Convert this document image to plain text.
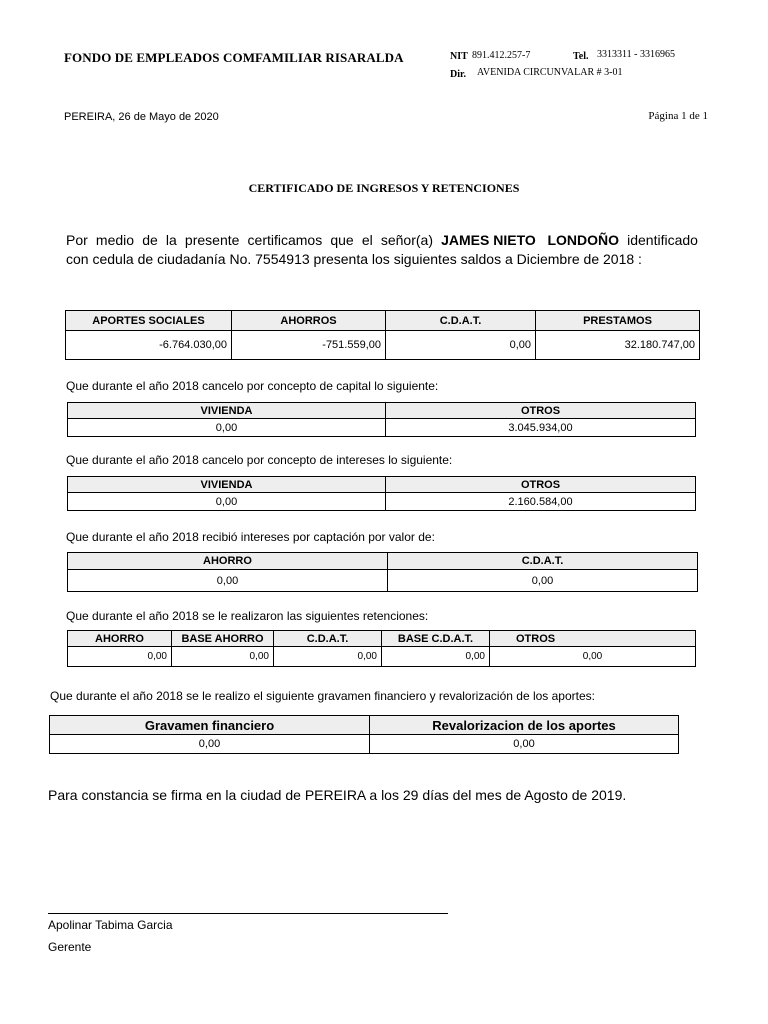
FONDO DE EMPLEADOS COMFAMILIAR RISARALDA	NIT 891.412.257-7	Tel. 3313311 - 3316965
Dir. AVENIDA CIRCUNVALAR # 3-01
PEREIRA, 26 de Mayo de 2020	Página 1 de 1
CERTIFICADO DE INGRESOS Y RETENCIONES
Por medio de la presente certificamos que el señor(a) JAMES NIETO   LONDOÑO identificado
con cedula de ciudadanía No. 7554913 presenta los siguientes saldos a Diciembre de 2018 :
APORTES SOCIALES	AHORROS	C.D.A.T.	PRESTAMOS
-6.764.030,00	-751.559,00	0,00	32.180.747,00
Que durante el año 2018 cancelo por concepto de capital lo siguiente:
VIVIENDA	OTROS
0,00	3.045.934,00
Que durante el año 2018 cancelo por concepto de intereses lo siguiente:
VIVIENDA	OTROS
0,00	2.160.584,00
Que durante el año 2018 recibió intereses por captación por valor de:
AHORRO	C.D.A.T.
0,00	0,00
Que durante el año 2018 se le realizaron las siguientes retenciones:
AHORRO	BASE AHORRO	C.D.A.T.	BASE C.D.A.T.	OTROS
0,00	0,00	0,00	0,00	0,00
Que durante el año 2018 se le realizo el siguiente gravamen financiero y revalorización de los aportes:
Gravamen financiero	Revalorizacion de los aportes
0,00	0,00
Para constancia se firma en la ciudad de PEREIRA a los 29 días del mes de Agosto de 2019.
Apolinar Tabima Garcia
Gerente
